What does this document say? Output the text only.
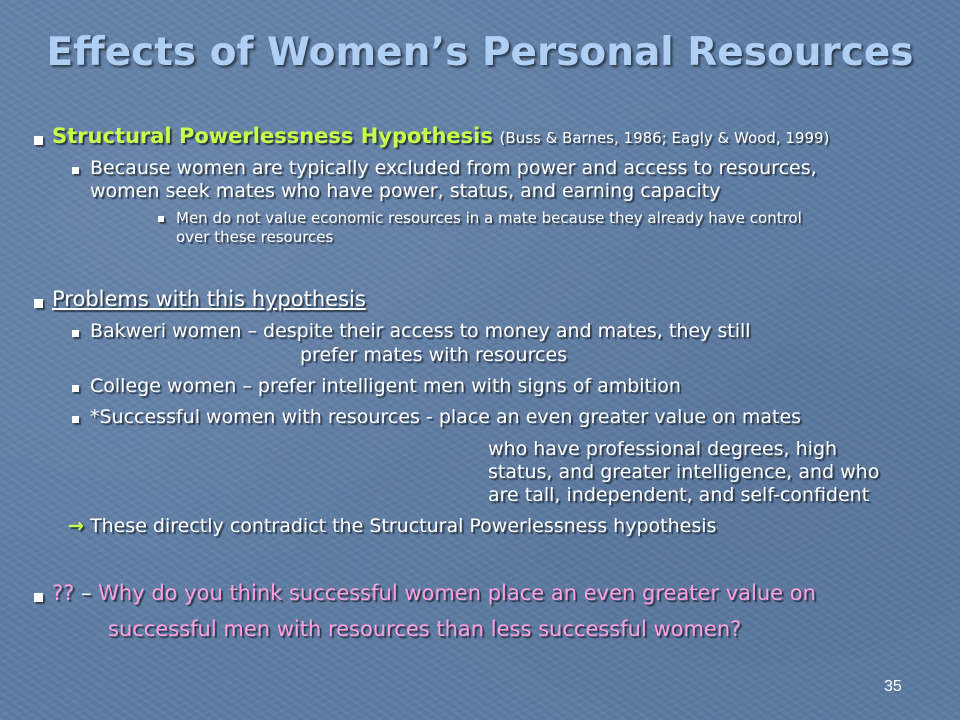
Effects of Women’s Personal Resources
Structural Powerlessness Hypothesis (Buss & Barnes, 1986; Eagly & Wood, 1999)
Because women are typically excluded from power and access to resources,
women seek mates who have power, status, and earning capacity
Men do not value economic resources in a mate because they already have control
over these resources
Problems with this hypothesis
Bakweri women – despite their access to money and mates, they still
prefer mates with resources
College women – prefer intelligent men with signs of ambition
*Successful women with resources - place an even greater value on mates
who have professional degrees, high
status, and greater intelligence, and who
are tall, independent, and self-confident
→ These directly contradict the Structural Powerlessness hypothesis
?? – Why do you think successful women place an even greater value on
successful men with resources than less successful women?
35
